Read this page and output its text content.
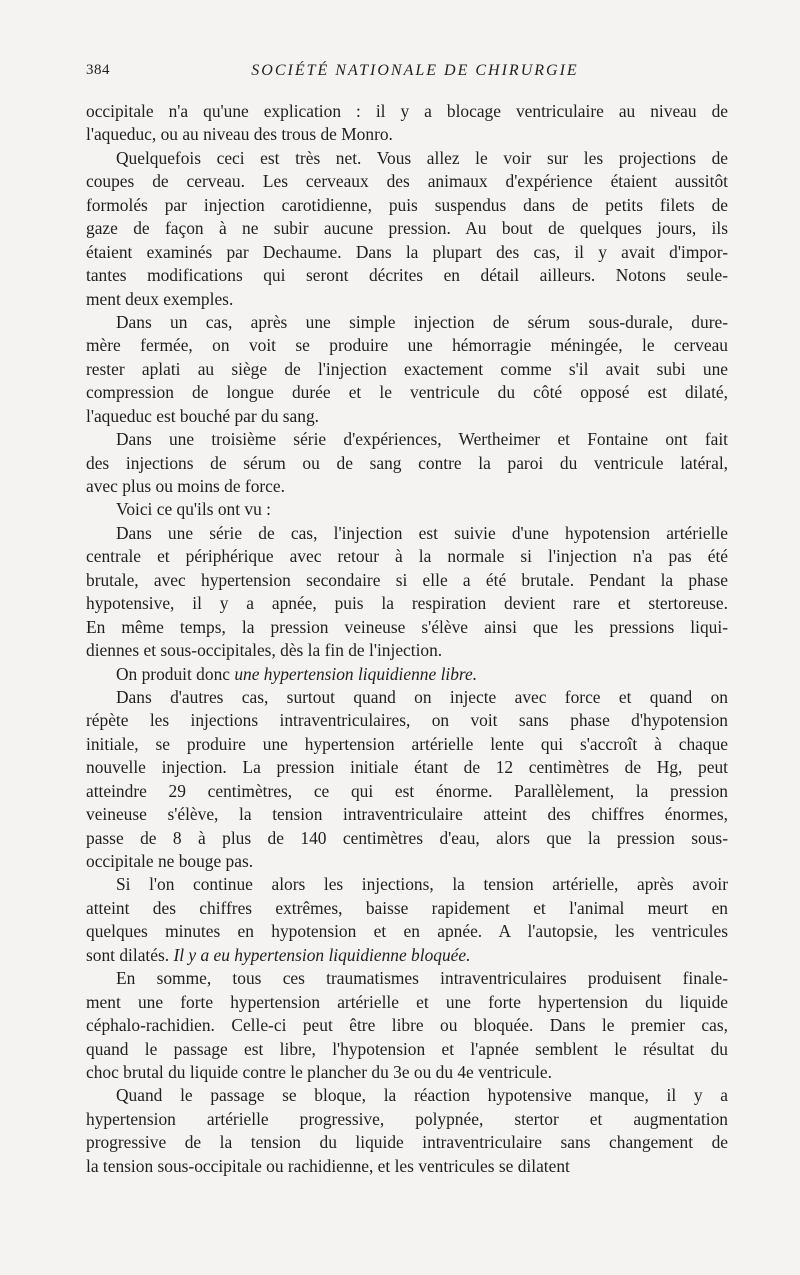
384	SOCIÉTÉ NATIONALE DE CHIRURGIE
occipitale n'a qu'une explication : il y a blocage ventriculaire au niveau de
l'aqueduc, ou au niveau des trous de Monro.
Quelquefois ceci est très net. Vous allez le voir sur les projections de
coupes de cerveau. Les cerveaux des animaux d'expérience étaient aussitôt
formolés par injection carotidienne, puis suspendus dans de petits filets de
gaze de façon à ne subir aucune pression. Au bout de quelques jours, ils
étaient examinés par Dechaume. Dans la plupart des cas, il y avait d'impor-
tantes modifications qui seront décrites en détail ailleurs. Notons seule-
ment deux exemples.
Dans un cas, après une simple injection de sérum sous-durale, dure-
mère fermée, on voit se produire une hémorragie méningée, le cerveau
rester aplati au siège de l'injection exactement comme s'il avait subi une
compression de longue durée et le ventricule du côté opposé est dilaté,
l'aqueduc est bouché par du sang.
Dans une troisième série d'expériences, Wertheimer et Fontaine ont fait
des injections de sérum ou de sang contre la paroi du ventricule latéral,
avec plus ou moins de force.
Voici ce qu'ils ont vu :
Dans une série de cas, l'injection est suivie d'une hypotension artérielle
centrale et périphérique avec retour à la normale si l'injection n'a pas été
brutale, avec hypertension secondaire si elle a été brutale. Pendant la phase
hypotensive, il y a apnée, puis la respiration devient rare et stertoreuse.
En même temps, la pression veineuse s'élève ainsi que les pressions liqui-
diennes et sous-occipitales, dès la fin de l'injection.
On produit donc une hypertension liquidienne libre.
Dans d'autres cas, surtout quand on injecte avec force et quand on
répète les injections intraventriculaires, on voit sans phase d'hypotension
initiale, se produire une hypertension artérielle lente qui s'accroît à chaque
nouvelle injection. La pression initiale étant de 12 centimètres de Hg, peut
atteindre 29 centimètres, ce qui est énorme. Parallèlement, la pression
veineuse s'élève, la tension intraventriculaire atteint des chiffres énormes,
passe de 8 à plus de 140 centimètres d'eau, alors que la pression sous-
occipitale ne bouge pas.
Si l'on continue alors les injections, la tension artérielle, après avoir
atteint des chiffres extrêmes, baisse rapidement et l'animal meurt en
quelques minutes en hypotension et en apnée. A l'autopsie, les ventricules
sont dilatés. Il y a eu hypertension liquidienne bloquée.
En somme, tous ces traumatismes intraventriculaires produisent finale-
ment une forte hypertension artérielle et une forte hypertension du liquide
céphalo-rachidien. Celle-ci peut être libre ou bloquée. Dans le premier cas,
quand le passage est libre, l'hypotension et l'apnée semblent le résultat du
choc brutal du liquide contre le plancher du 3e ou du 4e ventricule.
Quand le passage se bloque, la réaction hypotensive manque, il y a
hypertension artérielle progressive, polypnée, stertor et augmentation
progressive de la tension du liquide intraventriculaire sans changement de
la tension sous-occipitale ou rachidienne, et les ventricules se dilatent
